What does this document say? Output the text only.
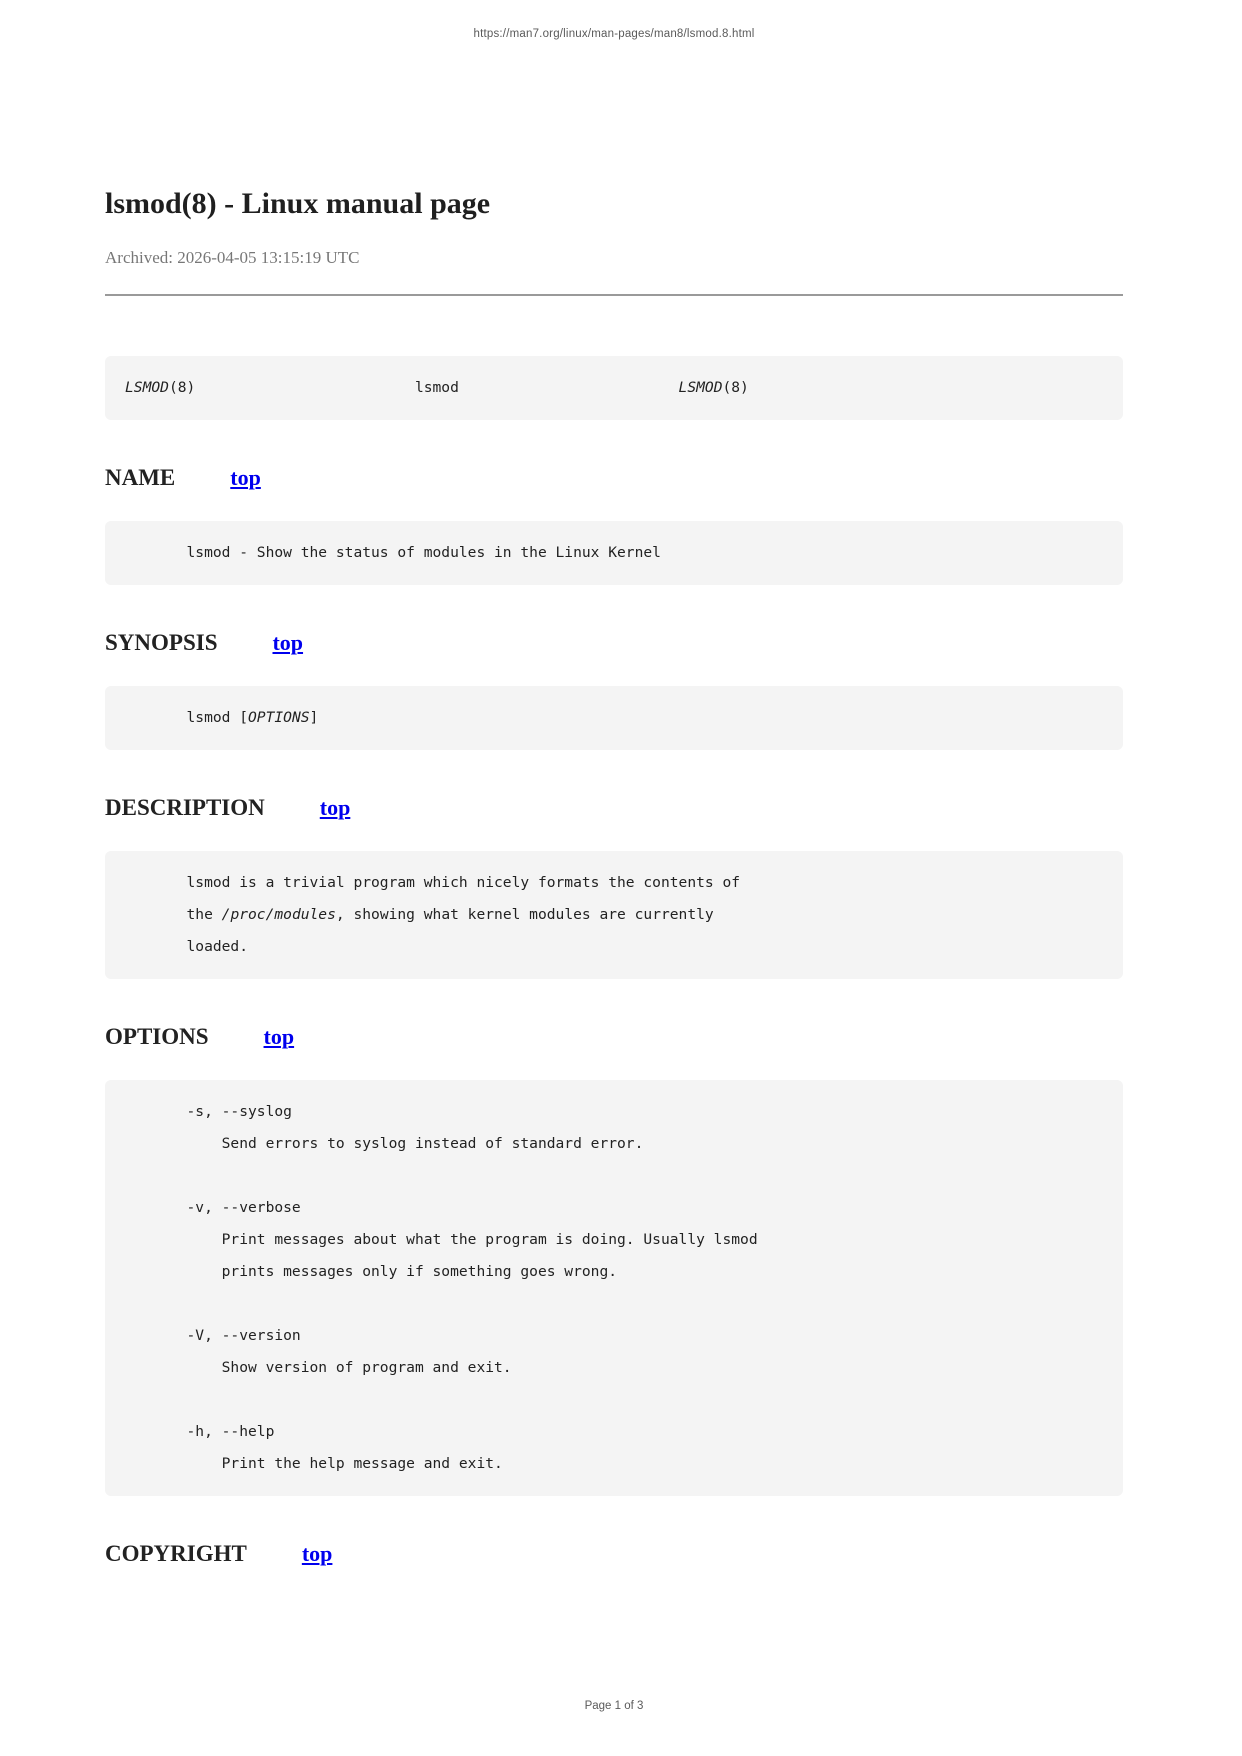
https://man7.org/linux/man-pages/man8/lsmod.8.html
lsmod(8) - Linux manual page
Archived: 2026-04-05 13:15:19 UTC
LSMOD(8)	lsmod	LSMOD(8)
NAME	top
lsmod - Show the status of modules in the Linux Kernel
SYNOPSIS	top
lsmod [OPTIONS]
DESCRIPTION	top
lsmod is a trivial program which nicely formats the contents of
the /proc/modules, showing what kernel modules are currently
loaded.
OPTIONS	top
-s, --syslog
Send errors to syslog instead of standard error.

-v, --verbose
Print messages about what the program is doing. Usually lsmod
prints messages only if something goes wrong.

-V, --version
Show version of program and exit.

-h, --help
Print the help message and exit.
COPYRIGHT	top
Page 1 of 3
